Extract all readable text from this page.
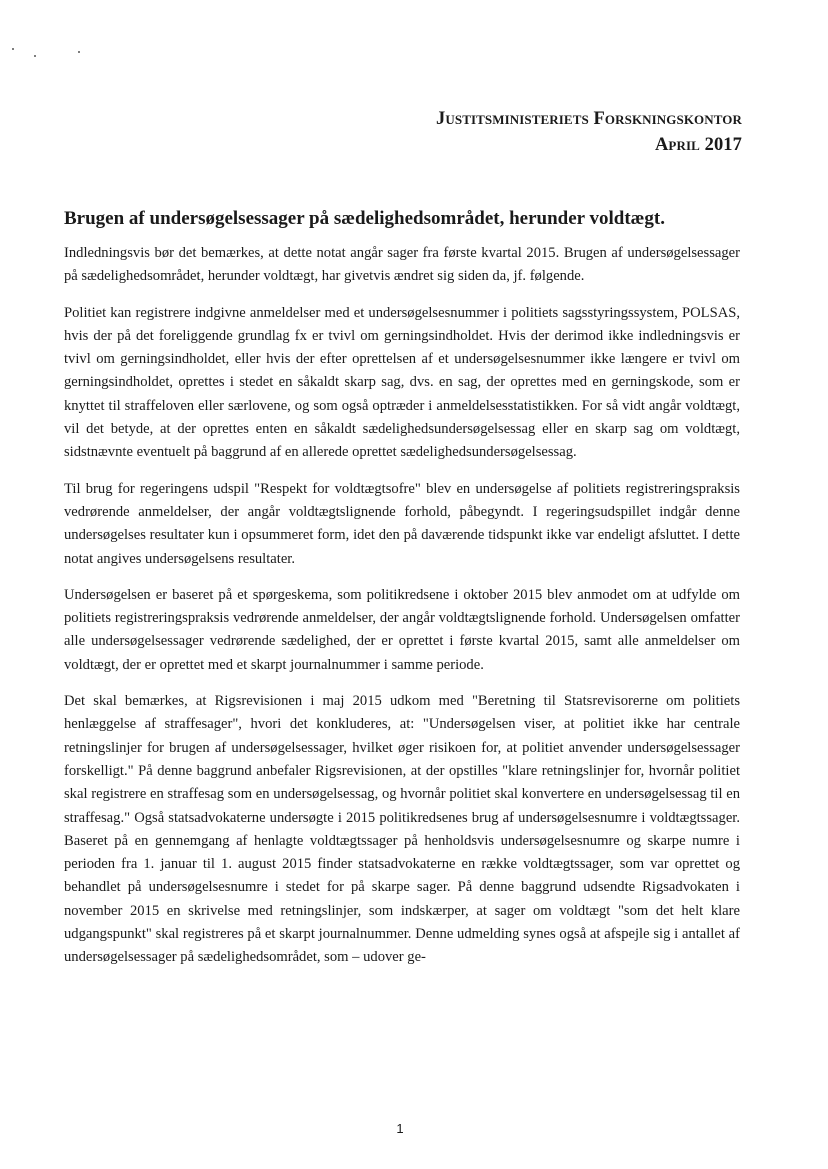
Justitsministeriets Forskningskontor
April 2017
Brugen af undersøgelsessager på sædelighedsområdet, herunder voldtægt.

Indledningsvis bør det bemærkes, at dette notat angår sager fra første kvartal 2015. Brugen af undersøgelsessager på sædelighedsområdet, herunder voldtægt, har givetvis ændret sig siden da, jf. følgende.

Politiet kan registrere indgivne anmeldelser med et undersøgelsesnummer i politiets sagsstyringssystem, POLSAS, hvis der på det foreliggende grundlag fx er tvivl om gerningsindholdet. Hvis der derimod ikke indledningsvis er tvivl om gerningsindholdet, eller hvis der efter oprettelsen af et undersøgelsesnummer ikke længere er tvivl om gerningsindholdet, oprettes i stedet en såkaldt skarp sag, dvs. en sag, der oprettes med en gerningskode, som er knyttet til straffeloven eller særlovene, og som også optræder i anmeldelsesstatistikken. For så vidt angår voldtægt, vil det betyde, at der oprettes enten en såkaldt sædelighedsundersøgelsessag eller en skarp sag om voldtægt, sidstnævnte eventuelt på baggrund af en allerede oprettet sædelighedsundersøgelsessag.

Til brug for regeringens udspil "Respekt for voldtægtsofre" blev en undersøgelse af politiets registreringspraksis vedrørende anmeldelser, der angår voldtægtslignende forhold, påbegyndt. I regeringsudspillet indgår denne undersøgelses resultater kun i opsummeret form, idet den på daværende tidspunkt ikke var endeligt afsluttet. I dette notat angives undersøgelsens resultater.

Undersøgelsen er baseret på et spørgeskema, som politikredsene i oktober 2015 blev anmodet om at udfylde om politiets registreringspraksis vedrørende anmeldelser, der angår voldtægtslignende forhold. Undersøgelsen omfatter alle undersøgelsessager vedrørende sædelighed, der er oprettet i første kvartal 2015, samt alle anmeldelser om voldtægt, der er oprettet med et skarpt journalnummer i samme periode.

Det skal bemærkes, at Rigsrevisionen i maj 2015 udkom med "Beretning til Statsrevisorerne om politiets henlæggelse af straffesager", hvori det konkluderes, at: "Undersøgelsen viser, at politiet ikke har centrale retningslinjer for brugen af undersøgelsessager, hvilket øger risikoen for, at politiet anvender undersøgelsessager forskelligt." På denne baggrund anbefaler Rigsrevisionen, at der opstilles "klare retningslinjer for, hvornår politiet skal registrere en straffesag som en undersøgelsessag, og hvornår politiet skal konvertere en undersøgelsessag til en straffesag." Også statsadvokaterne undersøgte i 2015 politikredsenes brug af undersøgelsesnumre i voldtægtssager. Baseret på en gennemgang af henlagte voldtægtssager på henholdsvis undersøgelsesnumre og skarpe numre i perioden fra 1. januar til 1. august 2015 finder statsadvokaterne en række voldtægtssager, som var oprettet og behandlet på undersøgelsesnumre i stedet for på skarpe sager. På denne baggrund udsendte Rigsadvokaten i november 2015 en skrivelse med retningslinjer, som indskærper, at sager om voldtægt "som det helt klare udgangspunkt" skal registreres på et skarpt journalnummer. Denne udmelding synes også at afspejle sig i antallet af undersøgelsessager på sædelighedsområdet, som – udover ge-

1
